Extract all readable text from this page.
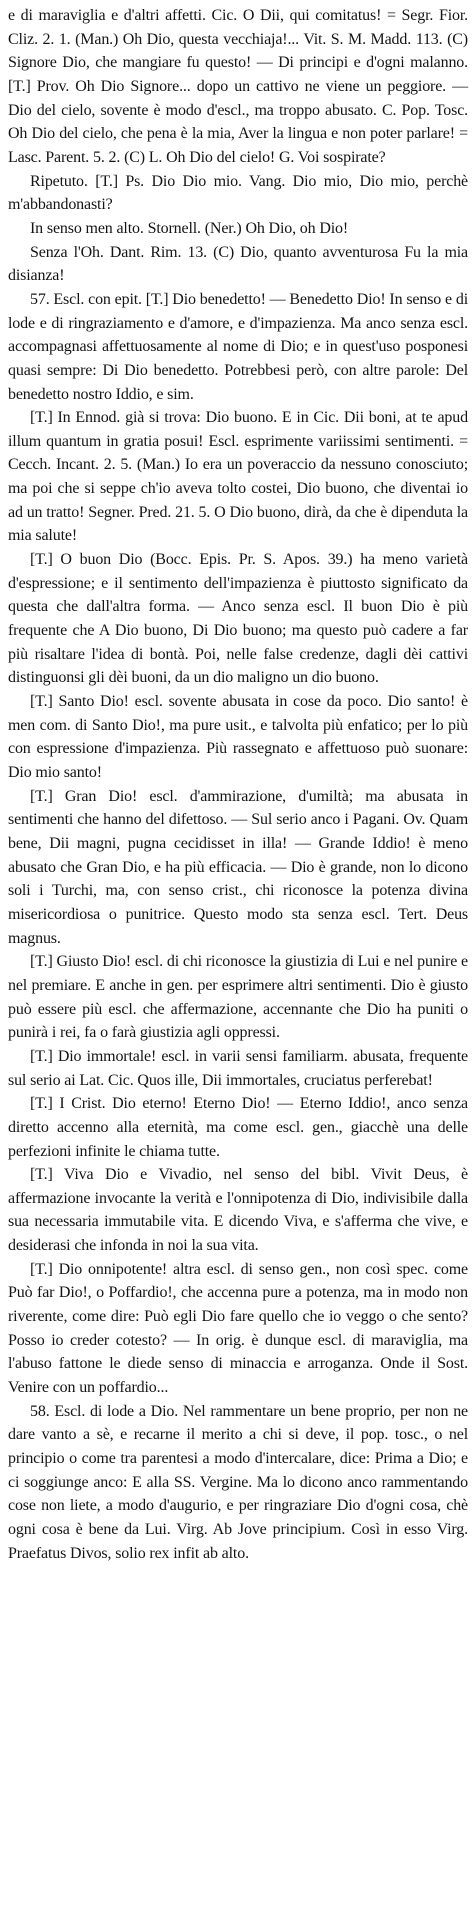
e di maraviglia e d'altri affetti. Cic. O Dii, qui comitatus! = Segr. Fior. Cliz. 2. 1. (Man.) Oh Dio, questa vecchiaja!... Vit. S. M. Madd. 113. (C) Signore Dio, che mangiare fu questo! — Di principi e d'ogni malanno. [T.] Prov. Oh Dio Signore... dopo un cattivo ne viene un peggiore. — Dio del cielo, sovente è modo d'escl., ma troppo abusato. C. Pop. Tosc. Oh Dio del cielo, che pena è la mia, Aver la lingua e non poter parlare! = Lasc. Parent. 5. 2. (C) L. Oh Dio del cielo! G. Voi sospirate?

Ripetuto. [T.] Ps. Dio Dio mio. Vang. Dio mio, Dio mio, perchè m'abbandonasti?

In senso men alto. Stornell. (Ner.) Oh Dio, oh Dio!

Senza l'Oh. Dant. Rim. 13. (C) Dio, quanto avventurosa Fu la mia disianza!

57. Escl. con epit. [T.] Dio benedetto! — Benedetto Dio! In senso e di lode e di ringraziamento e d'amore, e d'impazienza. Ma anco senza escl. accompagnasi affettuosamente al nome di Dio; e in quest'uso posponesi quasi sempre: Di Dio benedetto. Potrebbesi però, con altre parole: Del benedetto nostro Iddio, e sim.

[T.] In Ennod. già si trova: Dio buono. E in Cic. Dii boni, at te apud illum quantum in gratia posui! Escl. esprimente variissimi sentimenti. = Cecch. Incant. 2. 5. (Man.) Io era un poveraccio da nessuno conosciuto; ma poi che si seppe ch'io aveva tolto costei, Dio buono, che diventai io ad un tratto! Segner. Pred. 21. 5. O Dio buono, dirà, da che è dipenduta la mia salute!

[T.] O buon Dio (Bocc. Epis. Pr. S. Apos. 39.) ha meno varietà d'espressione; e il sentimento dell'impazienza è piuttosto significato da questa che dall'altra forma. — Anco senza escl. Il buon Dio è più frequente che A Dio buono, Di Dio buono; ma questo può cadere a far più risaltare l'idea di bontà. Poi, nelle false credenze, dagli dèi cattivi distinguonsi gli dèi buoni, da un dio maligno un dio buono.

[T.] Santo Dio! escl. sovente abusata in cose da poco. Dio santo! è men com. di Santo Dio!, ma pure usit., e talvolta più enfatico; per lo più con espressione d'impazienza. Più rassegnato e affettuoso può suonare: Dio mio santo!

[T.] Gran Dio! escl. d'ammirazione, d'umiltà; ma abusata in sentimenti che hanno del difettoso. — Sul serio anco i Pagani. Ov. Quam bene, Dii magni, pugna cecidisset in illa! — Grande Iddio! è meno abusato che Gran Dio, e ha più efficacia. — Dio è grande, non lo dicono soli i Turchi, ma, con senso crist., chi riconosce la potenza divina misericordiosa o punitrice. Questo modo sta senza escl. Tert. Deus magnus.

[T.] Giusto Dio! escl. di chi riconosce la giustizia di Lui e nel punire e nel premiare. E anche in gen. per esprimere altri sentimenti. Dio è giusto può essere più escl. che affermazione, accennante che Dio ha puniti o punirà i rei, fa o farà giustizia agli oppressi.

[T.] Dio immortale! escl. in varii sensi familiarm. abusata, frequente sul serio ai Lat. Cic. Quos ille, Dii immortales, cruciatus perferebat!

[T.] I Crist. Dio eterno! Eterno Dio! — Eterno Iddio!, anco senza diretto accenno alla eternità, ma come escl. gen., giacchè una delle perfezioni infinite le chiama tutte.

[T.] Viva Dio e Vivadio, nel senso del bibl. Vivit Deus, è affermazione invocante la verità e l'onnipotenza di Dio, indivisibile dalla sua necessaria immutabile vita. E dicendo Viva, e s'afferma che vive, e desiderasi che infonda in noi la sua vita.

[T.] Dio onnipotente! altra escl. di senso gen., non così spec. come Può far Dio!, o Poffardio!, che accenna pure a potenza, ma in modo non riverente, come dire: Può egli Dio fare quello che io veggo o che sento? Posso io creder cotesto? — In orig. è dunque escl. di maraviglia, ma l'abuso fattone le diede senso di minaccia e arroganza. Onde il Sost. Venire con un poffardio...

58. Escl. di lode a Dio. Nel rammentare un bene proprio, per non ne dare vanto a sè, e recarne il merito a chi si deve, il pop. tosc., o nel principio o come tra parentesi a modo d'intercalare, dice: Prima a Dio; e ci soggiunge anco: E alla SS. Vergine. Ma lo dicono anco rammentando cose non liete, a modo d'augurio, e per ringraziare Dio d'ogni cosa, chè ogni cosa è bene da Lui. Virg. Ab Jove principium. Così in esso Virg. Praefatus Divos, solio rex infit ab alto.
